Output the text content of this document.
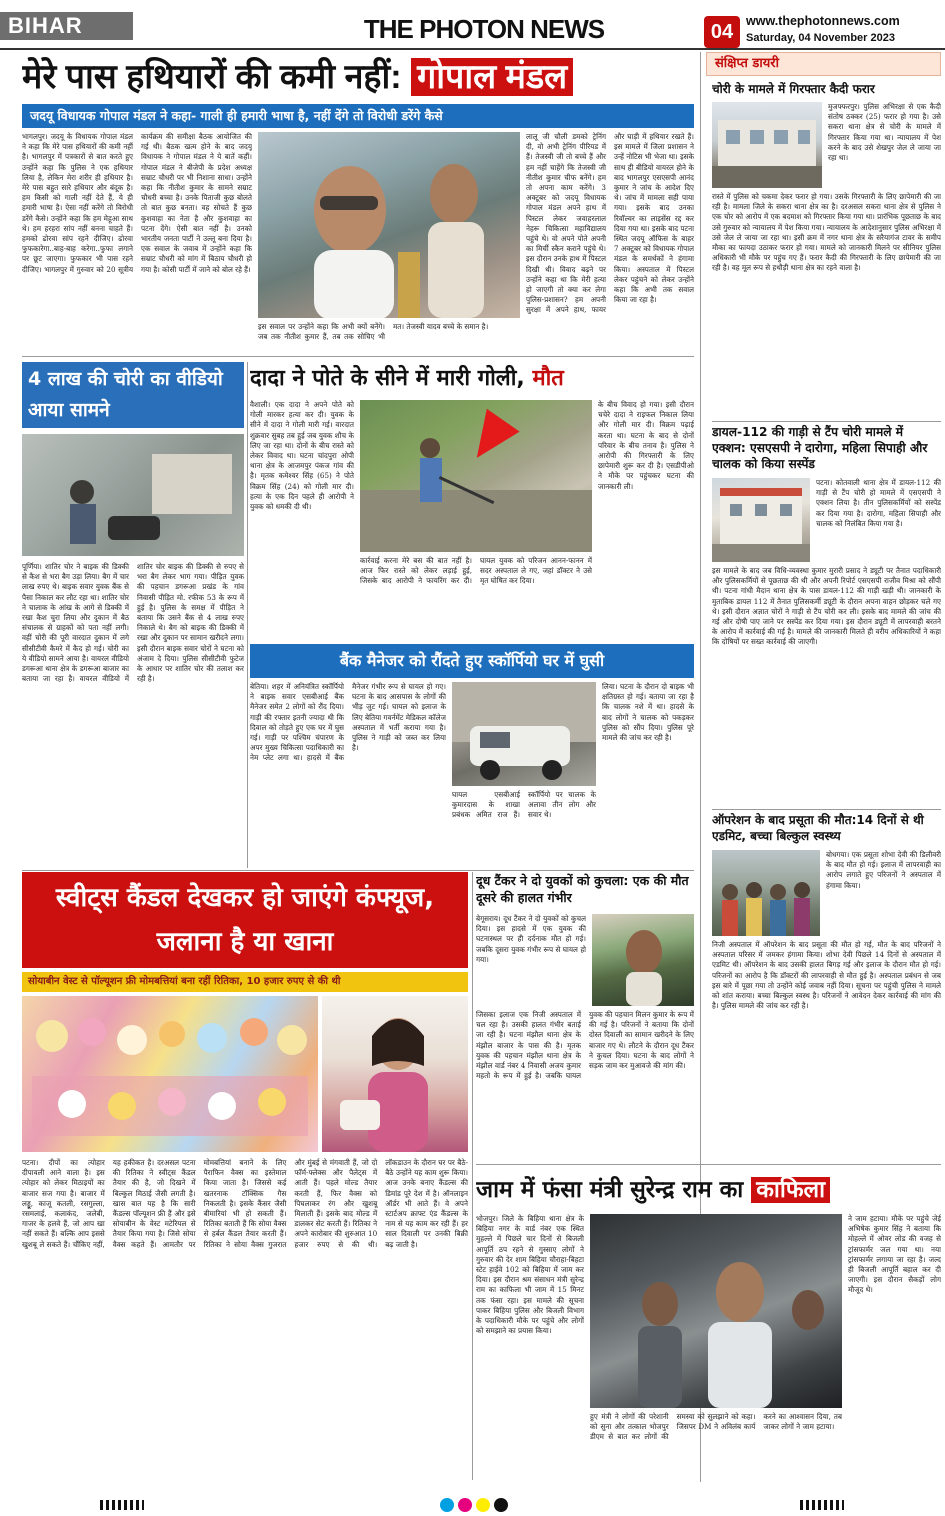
BIHAR	THE PHOTON NEWS	04	www.thephotonnews.com
Saturday, 04 November 2023
मेरे पास हथियारों की कमी नहीं: गोपाल मंडल
जदयू विधायक गोपाल मंडल ने कहा- गाली ही हमारी भाषा है, नहीं देंगे तो विरोधी डरेंगे कैसे
भागलपुर। जदयू के विधायक गोपाल मंडल ने कहा कि मेरे पास हथियारों की कमी नहीं है। भागलपुर में पत्रकारों से बात करते हुए उन्होंने कहा कि पुलिस ने एक हथियार लिया है, लेकिन मेरा शरीर ही हथियार है। मेरे पास बहुत सारे हथियार और बंदूक है। हम किसी को गाली नहीं देते हैं, ये ही हमारी भाषा है। ऐसा नहीं करेंगे तो विरोधी डरेंगे कैसे। उन्होंने कहा कि हम मेहूआ साथ थे। हम हरहरा सांप नहीं बनना चाहते हैं। हमको ढोरवा सांप रहने दीजिए। ढोरवा फुफकारेगा..बाह-बाह करेगा..फुफा लगाने पर छूट जाएगा। फुफकार भी पास रहने दीजिए। भागलपुर में गुरुवार को 20 सूत्रीय कार्यक्रम की समीक्षा बैठक आयोजित की गई थी। बैठक खत्म होने के बाद जदयू विधायक ने गोपाल मंडल ने ये बातें कहीं। गोपाल मंडल ने बीजेपी के प्रदेश अध्यक्ष सम्राट चौधरी पर भी निशाना साधा। उन्होंने कहा कि नीतीश कुमार के सामने सम्राट चौधरी बच्चा है। उनके पिताजी कुछ बोलते तो बात कुछ बनता। वह सोचते हैं कुछ कुशवाहा का नेता है और कुशवाहा का पटना देंगे। ऐसी बात नहीं है। उनको भारतीय जनता पार्टी ने उल्लू बना दिया है। एक सवाल के जवाब में उन्होंने कहा कि सम्राट चौधरी को मांग में बिठाय चौधरी हो गया है। कोसी पार्टी में जाने को बोल रहे हैं।
इस सवाल पर उन्होंने कहा कि अभी क्यों बनेंगे। जब तक नीतीश कुमार हैं, तब तक सोचिए भी मत। तेजस्वी यादव बच्चे के समान है।
लालू जी चौली डमको ट्रेनिंग दी, वो अभी ट्रेनिंग पीरियड में हैं। तेजस्वी जी तो बच्चे हैं और हम नहीं चाहेंगे कि तेजस्वी जी नीतीश कुमार चीफ बनेंगे। हम तो अपना काम करेंगे। 3 अक्टूबर को जदयू विधायक गोपाल मंडल अपने हाथ में पिस्टल लेकर जवाहरलाल नेहरू चिकित्सा महाविद्यालय पहुंचे थे। वो अपने पोते अपनी का मिर्ची स्कैन कराने पहुंचे थे। इस दौरान उनके हाथ में पिस्टल दिखी थी। विवाद बढ़ने पर उन्होंने कहा था कि मेरी हत्या हो जाएगी तो क्या कर लेगा पुलिस-प्रशासन? हम अपनी सुरक्षा में अपने हाथ, फायर और घाड़ी में हथियार रखते हैं। इस मामले में जिला प्रशासन ने उन्हें नोटिस भी भेजा था। इसके साथ ही बीडियो वायरल होने के बाद भागलपुर एसएसपी आनंद कुमार ने जांच के आदेश दिए थे। जांच में मामला सही पाया गया। इसके बाद उनका रिवॉल्वर का लाइसेंस रद्द कर दिया गया था। इसके बाद पटना स्थित जदयू ऑफिस के बाहर 7 अक्टूबर को विधायक गोपाल मंडल के समर्थकों ने हंगामा किया। अस्पताल में पिस्टल लेकर पहुंचने को लेकर उन्होंने कहा कि अभी तक सवाल किया जा रहा है।
संक्षिप्त डायरी
चोरी के मामले में गिरफ्तार कैदी फरार
मुजफ्फरपुर। पुलिस अभिरक्षा से एक कैदी संतोष ठक्कर (25) फरार हो गया है। उसे सकरा थाना क्षेत्र से चोरी के मामले में गिरफ्तार किया गया था। न्यायालय में पेश करने के बाद उसे शेखपुर जेल ले जाया जा रहा था।
रास्ते में पुलिस को चकमा देकर फरार हो गया। उसके गिरफ्तारी के लिए छापेमारी की जा रही है। मामला जिले के सकरा थाना क्षेत्र का है। दरअसल सकरा थाना क्षेत्र से पुलिस ने एक चोर को आरोप में एक बदमाश को गिरफ्तार किया गया था। प्रारंभिक पूछताछ के बाद उसे गुरुवार को न्यायालय में पेश किया गया। न्यायालय के आदेशानुसार पुलिस अभिरक्षा में उसे जेल ले जाया जा रहा था। इसी क्रम में नगर थाना क्षेत्र के सरैयागंज टावर के समीप मौका का फायदा उठाकर फरार हो गया। मामले को जानकारी मिलने पर सीनियर पुलिस अधिकारी भी मौके पर पहुंच गए हैं। फरार कैदी की गिरफ्तारी के लिए छापेमारी की जा रही है। वह मूल रूप से हथौड़ी थाना क्षेत्र का रहने वाला है।
डायल-112 की गाड़ी से टैंप चोरी मामले में एक्शन: एसएसपी ने दारोगा, महिला सिपाही और चालक को किया सस्पेंड
पटना। कोतवाली थाना क्षेत्र में डायल-112 की गाड़ी से टैंप चोरी हो मामले में एसएसपी ने एक्शन लिया है। तीन पुलिसकर्मियों को सस्पेंड कर दिया गया है। दारोगा, महिला सिपाही और चालक को निलंबित किया गया है।
इस मामले के बाद जब विधि-व्यवस्था कुमार मुरारी प्रसाद ने ड्यूटी पर तैनात पदाधिकारी और पुलिसकर्मियों से पूछताछ की थी और अपनी रिपोर्ट एसएसपी राजीव मिश्रा को सौंपी थी। पटना गांधी मैदान थाना क्षेत्र के पास डायल-112 की गाड़ी खड़ी थी। जानकारी के मुताबिक डायल 112 में तैनात पुलिसकर्मी ड्यूटी के दौरान अपना वाहन छोड़कर चले गए थे। इसी दौरान अज्ञात चोरों ने गाड़ी से टैंप चोरी कर ली। इसके बाद मामले की जांच की गई और दोषी पाए जाने पर सस्पेंड कर दिया गया। इस दौरान ड्यूटी में लापरवाही बरतने के आरोप में कार्रवाई की गई है। मामले की जानकारी मिलते ही वरीय अधिकारियों ने कहा कि दोषियों पर सख्त कार्रवाई की जाएगी।
ऑपरेशन के बाद प्रसूता की मौत:14 दिनों से थी एडमिट, बच्चा बिल्कुल स्वस्थ्य
बोधगया। एक प्रसूता शोभा देवी की डिलीवरी के बाद मौत हो गई। इलाज में लापरवाही का आरोप लगाते हुए परिजनों ने अस्पताल में हंगामा किया।
निजी अस्पताल में ऑपरेशन के बाद प्रसूता की मौत हो गई, मौत के बाद परिजनों ने अस्पताल परिसर में जमकर हंगामा किया। शोभा देवी पिछले 14 दिनों से अस्पताल में एडमिट थी। ऑपरेशन के बाद उसकी हालत बिगड़ गई और इलाज के दौरान मौत हो गई। परिजनों का आरोप है कि डॉक्टरों की लापरवाही से मौत हुई है। अस्पताल प्रबंधन से जब इस बारे में पूछा गया तो उन्होंने कोई जवाब नहीं दिया। सूचना पर पहुंची पुलिस ने मामले को शांत कराया। बच्चा बिल्कुल स्वस्थ है। परिजनों ने आवेदन देकर कार्रवाई की मांग की है। पुलिस मामले की जांच कर रही है।
4 लाख की चोरी का वीडियो आया सामने
पूर्णिया। शातिर चोर ने बाइक की डिक्की से कैश से भरा बैग उड़ा लिया। बैग में चार लाख रुपए थे। बाइक सवार युवक बैंक से पैसा निकाल कर लौट रहा था। शातिर चोर ने चालाक के आंख के आगे से डिक्की में रखा कैश चुरा लिया और दुकान में बैठ संचालक से ग्राहकों को पता नहीं लगी। वहीं चोरी की पूरी वारदात दुकान में लगे सीसीटीवी कैमरे में कैद हो गई। चोरी का ये वीडियो सामने आया है। वायरल वीडियो डगरूआ थाना क्षेत्र के डगरूआ बाजार का बताया जा रहा है। वायरल वीडियो में शातिर चोर बाइक की डिक्की से रुपए से भरा बैग लेकर भाग गया। पीड़ित युवक की पहचान डगरूआ प्रखंड के गांव निवासी पीड़ित मो. रफीक 53 के रूप में हुई है। पुलिस के समक्ष में पीड़ित ने बताया कि उसने बैंक से 4 लाख रुपए निकाले थे। बैग को बाइक की डिक्की में रखा और दुकान पर सामान खरीदने लगा। इसी दौरान बाइक सवार चोरों ने घटना को अंजाम दे दिया। पुलिस सीसीटीवी फुटेज के आधार पर शातिर चोर की तलाश कर रही है।
दादा ने पोते के सीने में मारी गोली, मौत
वैशाली। एक दादा ने अपने पोते को गोली मारकर हत्या कर दी। युवक के सीने में दादा ने गोली मारी गई। वारदात शुक्रवार सुबह तब हुई जब युवक शौच के लिए जा रहा था। दोनों के बीच रास्ते को लेकर विवाद था। घटना चांदपुरा ओपी थाना क्षेत्र के आजमपुर पंकज गांव की है। मृतक कमेश्वर सिंह (65) ने पोते विक्रम सिंह (24) को गोली मार दी। हत्या के एक दिन पहले ही आरोपी ने युवक को धमकी दी थी।
के बीच विवाद हो गया। इसी दौरान चचेरे दादा ने राइफल निकाल लिया और गोली मार दी। विक्रम पढ़ाई करता था। घटना के बाद से दोनों परिवार के बीच तनाव है। पुलिस ने आरोपी की गिरफ्तारी के लिए छापेमारी शुरू कर दी है। एसडीपीओ ने मौके पर पहुंचकर घटना की जानकारी ली।
कार्रवाई करना मेरे बस की बात नहीं है। आज फिर रास्ते को लेकर लड़ाई हुई, जिसके बाद आरोपी ने फायरिंग कर दी। घायल युवक को परिजन आनन-फानन में सदर अस्पताल ले गए, जहां डॉक्टर ने उसे मृत घोषित कर दिया।
बैंक मैनेजर को रौंदते हुए स्कॉर्पियो घर में घुसी
बेतिया। शहर में अनियंत्रित स्कॉर्पियो ने बाइक सवार एसबीआई बैंक मैनेजर समेत 2 लोगों को रौंद दिया। गाड़ी की रफ्तार इतनी ज्यादा थी कि दिवाल को तोड़ते हुए एक घर में घुस गई। गाड़ी पर पश्चिम चंपारण के अपर मुख्य चिकित्सा पदाधिकारी का नेम प्लेट लगा था। हादसे में बैंक मैनेजर गंभीर रूप से घायल हो गए। घटना के बाद आसपास के लोगों की भीड़ जुट गई। घायल को इलाज के लिए बेतिया गवर्नमेंट मेडिकल कॉलेज अस्पताल में भर्ती कराया गया है। पुलिस ने गाड़ी को जब्त कर लिया है।
घायल एसबीआई कुमारदास के शाखा प्रबंधक अमित राज हैं। स्कॉर्पियो पर चालक के अलावा तीन लोग और सवार थे।
लिया। घटना के दौरान दो बाइक भी क्षतिग्रस्त हो गई। बताया जा रहा है कि चालक नशे में था। हादसे के बाद लोगों ने चालक को पकड़कर पुलिस को सौंप दिया। पुलिस पूरे मामले की जांच कर रही है।
स्वीट्स कैंडल देखकर हो जाएंगे कंफ्यूज, जलाना है या खाना
सोयाबीन वेस्ट से पॉल्यूशन फ्री मोमबत्तियां बना रहीं रितिका, 10 हजार रुपए से की थी
पटना। दीपों का त्योहार दीपावली आने वाला है। इस त्योहार को लेकर मिठाइयों का बाजार सज गया है। बाजार में लड्डू, काजू कतली, रसगुल्ला, रसमलाई, कलाकंद, जलेबी, गाजर के हलवे हैं, जो आप खा नहीं सकते हैं। बल्कि आप इससे खुशबू ले सकते हैं। चौंकिए नहीं, यह हकीकत है। दरअसल पटना की रितिका ने स्वीट्स कैंडल तैयार की है, जो दिखने में बिल्कुल मिठाई जैसी लगती है। खास बात यह है कि सारी कैंडल्स पॉल्यूशन फ्री हैं और इसे सोयाबीन के वेस्ट मटेरियल से तैयार किया गया है। जिसे सोया वैक्स कहते हैं। आमतौर पर मोमबत्तियां बनाने के लिए पैराफिन वैक्स का इस्तेमाल किया जाता है। जिससे कई खतरनाक टॉक्सिक गैस निकलती है। इसके कैंसर जैसी बीमारियां भी हो सकती हैं। रितिका बताती हैं कि सोया वैक्स से हर्बल कैंडल तैयार करती हैं। रितिका ने सोया वैक्स गुजरात और मुंबई से मंगवाती हैं, जो दो फॉर्म-फ्लेक्स और पैलेट्स में आती हैं। पहले मोल्ड तैयार करती हैं, फिर वैक्स को पिघलाकर रंग और खुशबू मिलाती हैं। इसके बाद मोल्ड में डालकर सेट करती हैं। रितिका ने अपने कारोबार की शुरुआत 10 हजार रुपए से की थी। लॉकडाउन के दौरान घर पर बैठे-बैठे उन्होंने यह काम शुरू किया। आज उनके बनाए कैंडल्स की डिमांड पूरे देश में है। ऑनलाइन ऑर्डर भी आते हैं। वे अपने स्टार्टअप क्राफ्ट एंड कैंडल्स के नाम से यह काम कर रही हैं। हर साल दिवाली पर उनकी बिक्री बढ़ जाती है।
दूध टैंकर ने दो युवकों को कुचला: एक की मौत दूसरे की हालत गंभीर
बेगूसराय। दूध टैंकर ने दो युवकों को कुचल दिया। इस हादसे में एक युवक की घटनास्थल पर ही दर्दनाक मौत हो गई। जबकि दूसरा युवक गंभीर रूप से घायल हो गया।
जिसका इलाज एक निजी अस्पताल में चल रहा है। उसकी हालत गंभीर बताई जा रही है। घटना मंझौल थाना क्षेत्र के मंझौल बाजार के पास की है। मृतक युवक की पहचान मंझौल थाना क्षेत्र के मंझौल वार्ड नंबर 4 निवासी अजय कुमार महतो के रूप में हुई है। जबकि घायल युवक की पहचान मिलन कुमार के रूप में की गई है। परिजनों ने बताया कि दोनों दोस्त दिवाली का सामान खरीदने के लिए बाजार गए थे। लौटने के दौरान दूध टैंकर ने कुचल दिया। घटना के बाद लोगों ने सड़क जाम कर मुआवजे की मांग की।
जाम में फंसा मंत्री सुरेन्द्र राम का काफिला
भोजपुर। जिले के बिहिया थाना क्षेत्र के बिहिया नगर के वार्ड नंबर एक स्थित मुहल्ले में पिछले चार दिनों से बिजली आपूर्ति ठप रहने से गुस्साए लोगों ने गुरुवार की देर शाम बिहिया चौराहा-बिहटा स्टेट हाईवे 102 को बिहिया में जाम कर दिया। इस दौरान श्रम संसाधन मंत्री सुरेन्द्र राम का काफिला भी जाम में 15 मिनट तक फंसा रहा। इस मामले की सूचना पाकर बिहिया पुलिस और बिजली विभाग के पदाधिकारी मौके पर पहुंचे और लोगों को समझाने का प्रयास किया।
हुए मंत्री ने लोगों की परेशानी को सुना और तत्काल भोजपुर डीएम से बात कर लोगों की समस्या को सुलझाने को कहा। जिसपर DM ने अविलंब कार्य करने का आश्वासन दिया, तब जाकर लोगों ने जाम हटाया।
ने जाम हटाया। मौके पर पहुंचे जेई अभिषेक कुमार सिंह ने बताया कि मोहल्ले में ओवर लोड की वजह से ट्रांसफार्मर जल गया था। नया ट्रांसफार्मर लगाया जा रहा है। जल्द ही बिजली आपूर्ति बहाल कर दी जाएगी। इस दौरान सैकड़ों लोग मौजूद थे।
